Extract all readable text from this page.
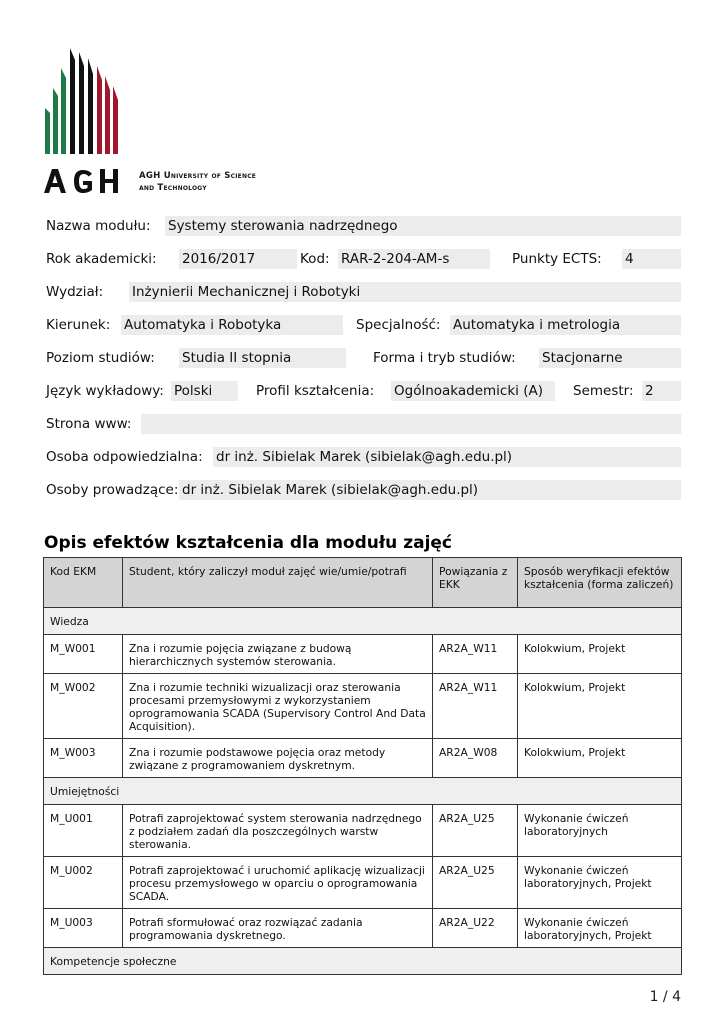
AGH University of Science
and Technology
Nazwa modułu: Systemy sterowania nadrzędnego
Rok akademicki: 2016/2017	Kod: RAR-2-204-AM-s	Punkty ECTS: 4
Wydział: Inżynierii Mechanicznej i Robotyki
Kierunek: Automatyka i Robotyka	Specjalność: Automatyka i metrologia
Poziom studiów: Studia II stopnia	Forma i tryb studiów: Stacjonarne
Język wykładowy: Polski	Profil kształcenia: Ogólnoakademicki (A)	Semestr: 2
Strona www:
Osoba odpowiedzialna: dr inż. Sibielak Marek (sibielak@agh.edu.pl)
Osoby prowadzące: dr inż. Sibielak Marek (sibielak@agh.edu.pl)
Opis efektów kształcenia dla modułu zajęć
Kod EKM	Student, który zaliczył moduł zajęć wie/umie/potrafi	Powiązania z EKK	Sposób weryfikacji efektów kształcenia (forma zaliczeń)
Wiedza			
M_W001	Zna i rozumie pojęcia związane z budową hierarchicznych systemów sterowania.	AR2A_W11	Kolokwium, Projekt
M_W002	Zna i rozumie techniki wizualizacji oraz sterowania procesami przemysłowymi z wykorzystaniem oprogramowania SCADA (Supervisory Control And Data Acquisition).	AR2A_W11	Kolokwium, Projekt
M_W003	Zna i rozumie podstawowe pojęcia oraz metody związane z programowaniem dyskretnym.	AR2A_W08	Kolokwium, Projekt
Umiejętności			
M_U001	Potrafi zaprojektować system sterowania nadrzędnego z podziałem zadań dla poszczególnych warstw sterowania.	AR2A_U25	Wykonanie ćwiczeń laboratoryjnych
M_U002	Potrafi zaprojektować i uruchomić aplikację wizualizacji procesu przemysłowego w oparciu o oprogramowania SCADA.	AR2A_U25	Wykonanie ćwiczeń laboratoryjnych, Projekt
M_U003	Potrafi sformułować oraz rozwiązać zadania programowania dyskretnego.	AR2A_U22	Wykonanie ćwiczeń laboratoryjnych, Projekt
Kompetencje społeczne			
1 / 4
